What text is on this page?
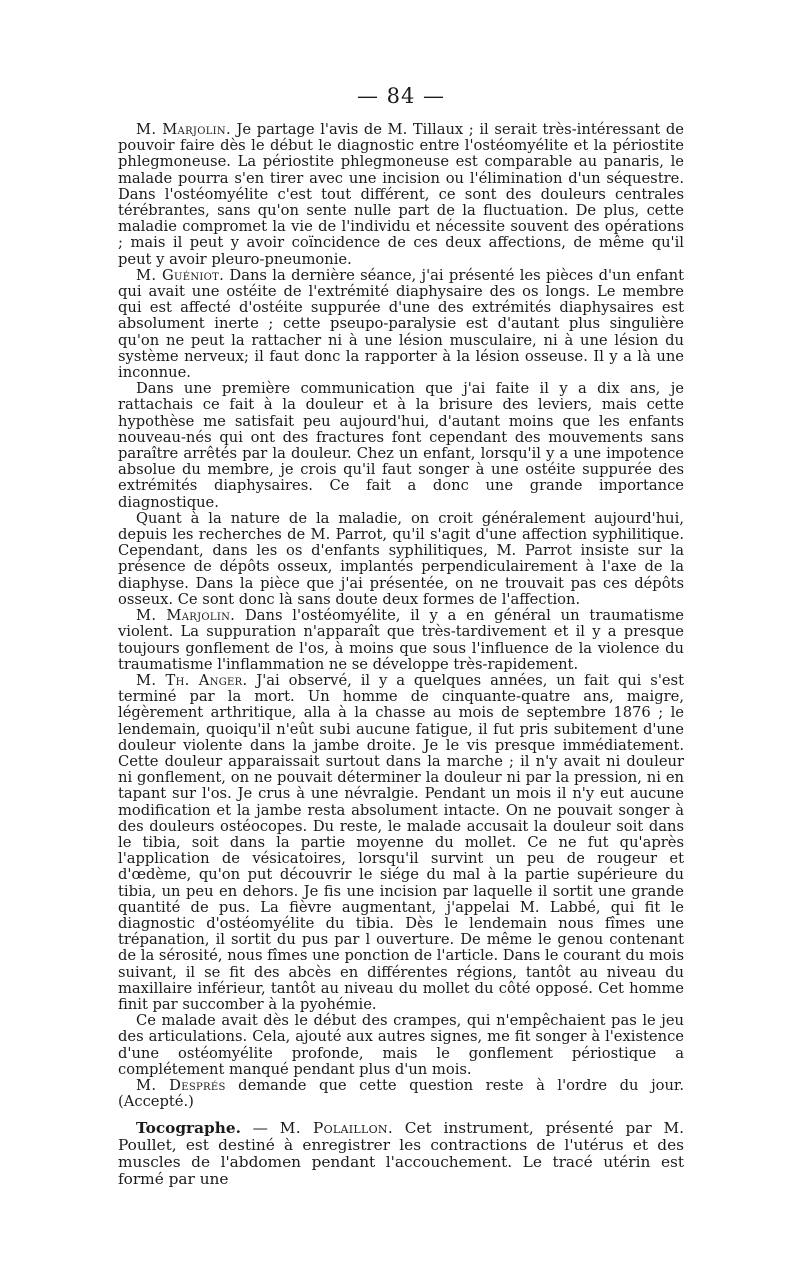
— 84 —

M. Marjolin. Je partage l'avis de M. Tillaux ; il serait très-intéressant de pouvoir faire dès le début le diagnostic entre l'ostéomyélite et la périostite phlegmoneuse. La périostite phlegmoneuse est comparable au panaris, le malade pourra s'en tirer avec une incision ou l'élimination d'un séquestre. Dans l'ostéomyélite c'est tout différent, ce sont des douleurs centrales térébrantes, sans qu'on sente nulle part de la fluctuation. De plus, cette maladie compromet la vie de l'individu et nécessite souvent des opérations ; mais il peut y avoir coïncidence de ces deux affections, de même qu'il peut y avoir pleuro-pneumonie.

M. Guéniot. Dans la dernière séance, j'ai présenté les pièces d'un enfant qui avait une ostéite de l'extrémité diaphysaire des os longs. Le membre qui est affecté d'ostéite suppurée d'une des extrémités diaphysaires est absolument inerte ; cette pseupo-paralysie est d'autant plus singulière qu'on ne peut la rattacher ni à une lésion musculaire, ni à une lésion du système nerveux; il faut donc la rapporter à la lésion osseuse. Il y a là une inconnue.

Dans une première communication que j'ai faite il y a dix ans, je rattachais ce fait à la douleur et à la brisure des leviers, mais cette hypothèse me satisfait peu aujourd'hui, d'autant moins que les enfants nouveau-nés qui ont des fractures font cependant des mouvements sans paraître arrêtés par la douleur. Chez un enfant, lorsqu'il y a une impotence absolue du membre, je crois qu'il faut songer à une ostéite suppurée des extrémités diaphysaires. Ce fait a donc une grande importance diagnostique.

Quant à la nature de la maladie, on croit généralement aujourd'hui, depuis les recherches de M. Parrot, qu'il s'agit d'une affection syphilitique. Cependant, dans les os d'enfants syphilitiques, M. Parrot insiste sur la présence de dépôts osseux, implantés perpendiculairement à l'axe de la diaphyse. Dans la pièce que j'ai présentée, on ne trouvait pas ces dépôts osseux. Ce sont donc là sans doute deux formes de l'affection.

M. Marjolin. Dans l'ostéomyélite, il y a en général un traumatisme violent. La suppuration n'apparaît que très-tardivement et il y a presque toujours gonflement de l'os, à moins que sous l'influence de la violence du traumatisme l'inflammation ne se développe très-rapidement.

M. Th. Anger. J'ai observé, il y a quelques années, un fait qui s'est terminé par la mort. Un homme de cinquante-quatre ans, maigre, légèrement arthritique, alla à la chasse au mois de septembre 1876 ; le lendemain, quoiqu'il n'eût subi aucune fatigue, il fut pris subitement d'une douleur violente dans la jambe droite. Je le vis presque immédiatement. Cette douleur apparaissait surtout dans la marche ; il n'y avait ni douleur ni gonflement, on ne pouvait déterminer la douleur ni par la pression, ni en tapant sur l'os. Je crus à une névralgie. Pendant un mois il n'y eut aucune modification et la jambe resta absolument intacte. On ne pouvait songer à des douleurs ostéocopes. Du reste, le malade accusait la douleur soit dans le tibia, soit dans la partie moyenne du mollet. Ce ne fut qu'après l'application de vésicatoires, lorsqu'il survint un peu de rougeur et d'œdème, qu'on put découvrir le siége du mal à la partie supérieure du tibia, un peu en dehors. Je fis une incision par laquelle il sortit une grande quantité de pus. La fièvre augmentant, j'appelai M. Labbé, qui fit le diagnostic d'ostéomyélite du tibia. Dès le lendemain nous fîmes une trépanation, il sortit du pus par l ouverture. De même le genou contenant de la sérosité, nous fîmes une ponction de l'article. Dans le courant du mois suivant, il se fit des abcès en différentes régions, tantôt au niveau du maxillaire inférieur, tantôt au niveau du mollet du côté opposé. Cet homme finit par succomber à la pyohémie.

Ce malade avait dès le début des crampes, qui n'empêchaient pas le jeu des articulations. Cela, ajouté aux autres signes, me fit songer à l'existence d'une ostéomyélite profonde, mais le gonflement périostique a complétement manqué pendant plus d'un mois.

M. Després demande que cette question reste à l'ordre du jour. (Accepté.)

Tocographe. — M. Polaillon. Cet instrument, présenté par M. Poullet, est destiné à enregistrer les contractions de l'utérus et des muscles de l'abdomen pendant l'accouchement. Le tracé utérin est formé par une
